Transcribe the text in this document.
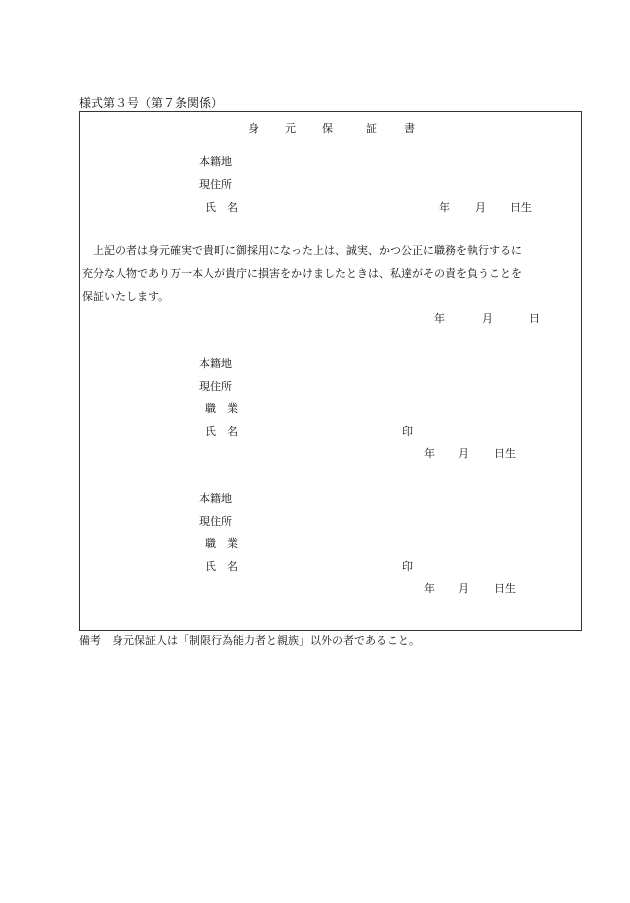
様式第３号（第７条関係）
身 元 保	証 書
本籍地
現住所
氏　名	年 月 日生
上記の者は身元確実で貴町に御採用になった上は、誠実、かつ公正に職務を執行するに
充分な人物であり万一本人が貴庁に損害をかけましたときは、私達がその責を負うことを
保証いたします。
年	月	日
本籍地
現住所
職　業
氏　名	印
年 月 日生
本籍地
現住所
職　業
氏　名	印
年 月 日生
備考　身元保証人は「制限行為能力者と親族」以外の者であること。
